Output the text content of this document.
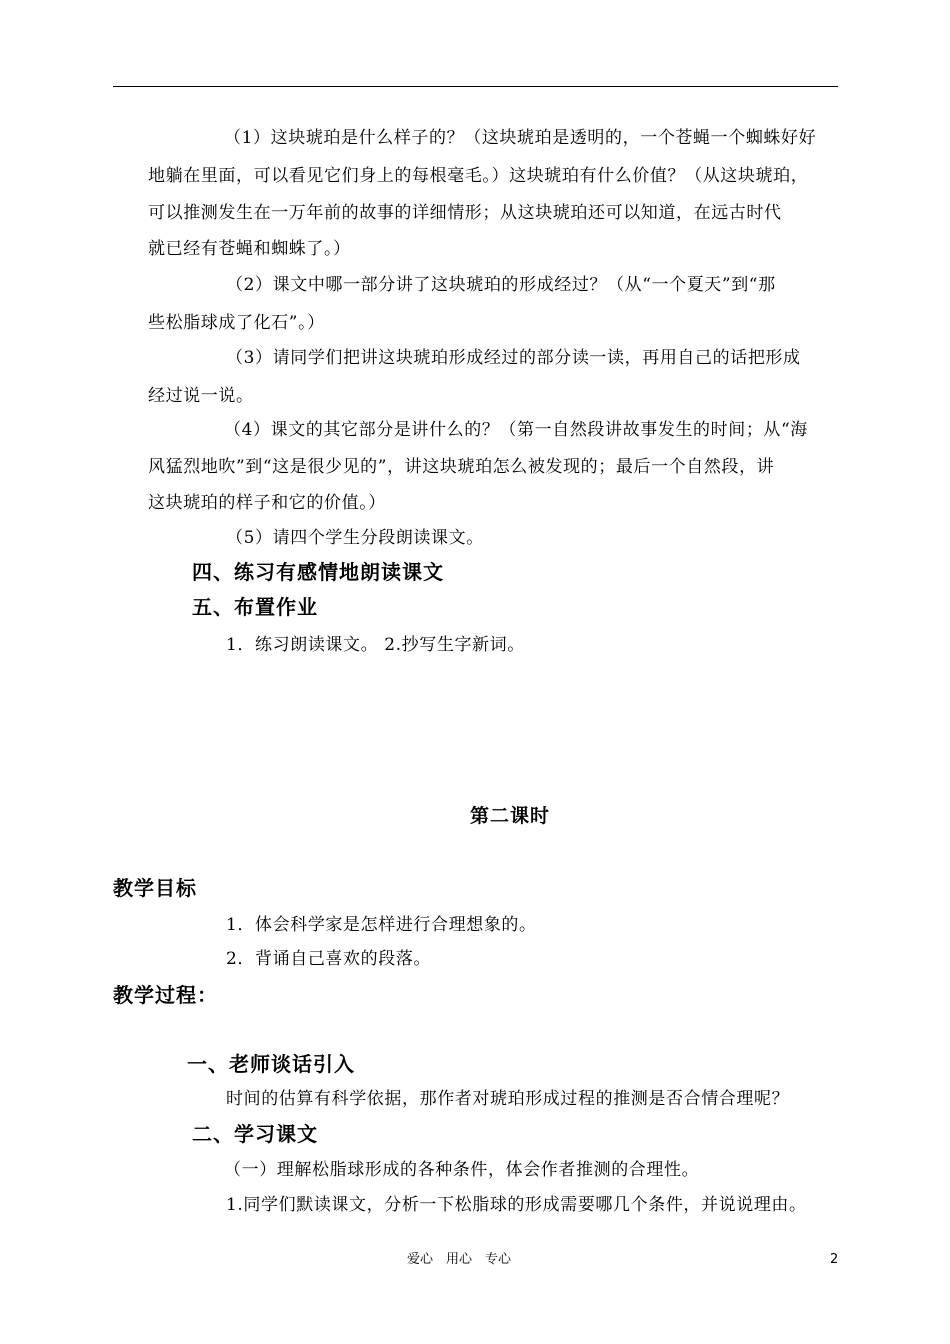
（1）这块琥珀是什么样子的？（这块琥珀是透明的，一个苍蝇一个蜘蛛好好
地躺在里面，可以看见它们身上的每根毫毛。）这块琥珀有什么价值？（从这块琥珀，
可以推测发生在一万年前的故事的详细情形；从这块琥珀还可以知道，在远古时代
就已经有苍蝇和蜘蛛了。）
（2）课文中哪一部分讲了这块琥珀的形成经过？（从“一个夏天”到“那
些松脂球成了化石”。）
（3）请同学们把讲这块琥珀形成经过的部分读一读，再用自己的话把形成
经过说一说。
（4）课文的其它部分是讲什么的？（第一自然段讲故事发生的时间；从“海
风猛烈地吹”到“这是很少见的”，讲这块琥珀怎么被发现的；最后一个自然段，讲
这块琥珀的样子和它的价值。）
（5）请四个学生分段朗读课文。
四、练习有感情地朗读课文
五、布置作业
1．练习朗读课文。 2.抄写生字新词。
第二课时
教学目标
1．体会科学家是怎样进行合理想象的。
2．背诵自己喜欢的段落。
教学过程：
一、老师谈话引入
时间的估算有科学依据，那作者对琥珀形成过程的推测是否合情合理呢？
二、学习课文
（一）理解松脂球形成的各种条件，体会作者推测的合理性。
1.同学们默读课文，分析一下松脂球的形成需要哪几个条件，并说说理由。
爱心　用心　专心	2
